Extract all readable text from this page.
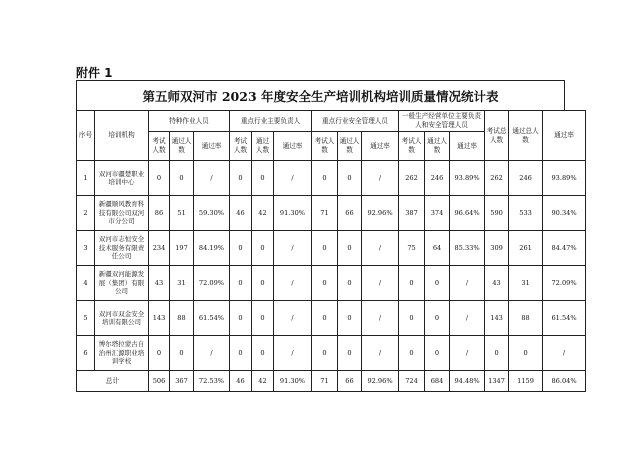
附件 1
第五师双河市 2023 年度安全生产培训机构培训质量情况统计表
序号	培训机构	特种作业人员			重点行业主要负责人			重点行业安全管理人员			一般生产经营单位主要负责人和安全管理人员			考试总人数	通过总人数	通过率
		考试人数	通过人数	通过率	考试人数	通过人数	通过率	考试人数	通过人数	通过率	考试人数	通过人数	通过率			
1	双河市疆楚职业培训中心	0	0	/	0	0	/	0	0	/	262	246	93.89%	262	246	93.89%
2	新疆顺风教育科技有限公司双河市分公司	86	51	59.30%	46	42	91.30%	71	66	92.96%	387	374	96.64%	590	533	90.34%
3	双河市志恒安全技术服务有限责任公司	234	197	84.19%	0	0	/	0	0	/	75	64	85.33%	309	261	84.47%
4	新疆双河能源发展（集团）有限公司	43	31	72.09%	0	0	/	0	0	/	0	0	/	43	31	72.09%
5	双河市双金安全培训有限公司	143	88	61.54%	0	0	/	0	0	/	0	0	/	143	88	61.54%
6	博尔塔拉蒙古自治州汇源职业培训学校	0	0	/	0	0	/	0	0	/	0	0	/	0	0	/
总计		506	367	72.53%	46	42	91.30%	71	66	92.96%	724	684	94.48%	1347	1159	86.04%
